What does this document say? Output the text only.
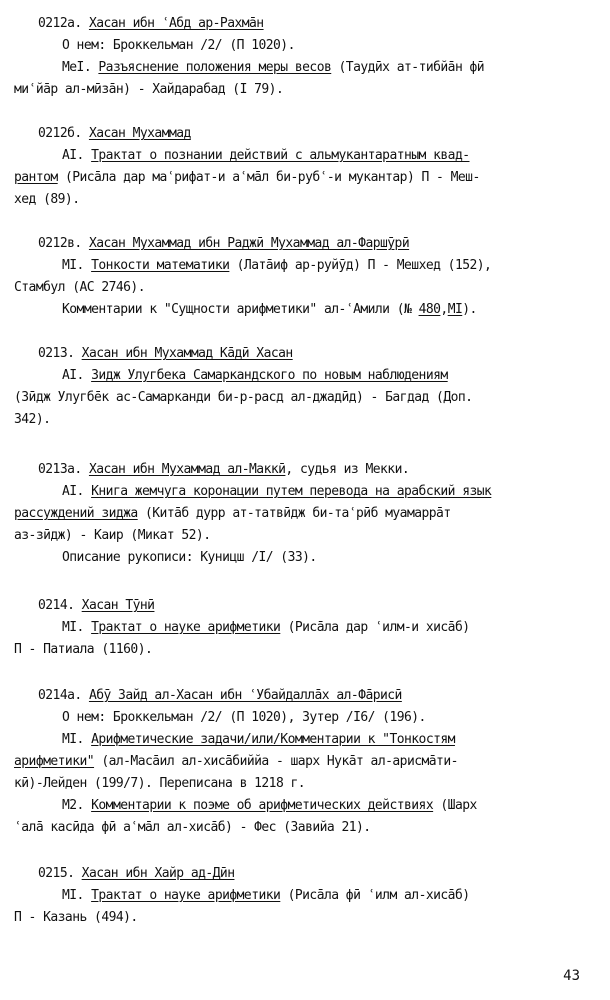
0212а. Хасан ибн ʿАбд ар-Рахмāн
О нем: Броккельман /2/ (П 1020).
МеI. Разъяснение положения меры весов (Таудӣх ат-тибйāн фӣ
миʿйāр ал-мӣзāн) - Хайдарабад (I 79).
0212б. Хасан Мухаммад
АI. Трактат о познании действий с альмукантаратным квад-
рантом (Рисāла дар маʿрифат-и аʿмāл би-рубʿ-и мукантар) П - Меш-
хед (89).
0212в. Хасан Мухаммад ибн Раджӣ Мухаммад ал-Фаршӯрӣ
МI. Тонкости математики (Латāиф ар-руйӯд) П - Мешхед (152),
Стамбул (АС 2746).
Комментарии к "Сущности арифметики" ал-ʿАмили (№ 480,МI).
0213. Хасан ибн Мухаммад Кāдӣ Хасан
АI. Зидж Улугбека Самаркандского по новым наблюдениям
(Зӣдж Улугбēк ас-Самарканди би-р-расд ал-джадӣд) - Багдад (Доп.
342).
0213а. Хасан ибн Мухаммад ал-Маккӣ, судья из Мекки.
АI. Книга жемчуга коронации путем перевода на арабский язык
рассуждений зиджа (Китāб дурр ат-татвӣдж би-таʿрӣб муамаррāт
аз-зӣдж) - Каир (Микат 52).
Описание рукописи: Куницш /I/ (33).
0214. Хасан Тӯнӣ
МI. Трактат о науке арифметики (Рисāла дар ʿилм-и хисāб)
П - Патиала (1160).
0214а. Абӯ Зайд ал-Хасан ибн ʿУбайдаллāх ал-Фāрисӣ
О нем: Броккельман /2/ (П 1020), Зутер /I6/ (196).
МI. Арифметические задачи/или/Комментарии к "Тонкостям
арифметики" (ал-Масāил ал-хисāбиййа - шарх Нукāт ал-арисмāти-
кӣ)-Лейден (199/7). Переписана в 1218 г.
М2. Комментарии к поэме об арифметических действиях (Шарх
ʿалā касӣда фӣ аʿмāл ал-хисāб) - Фес (Завийа 21).
0215. Хасан ибн Хайр ад-Дӣн
МI. Трактат о науке арифметики (Рисāла фӣ ʿилм ал-хисāб)
П - Казань (494).
43
